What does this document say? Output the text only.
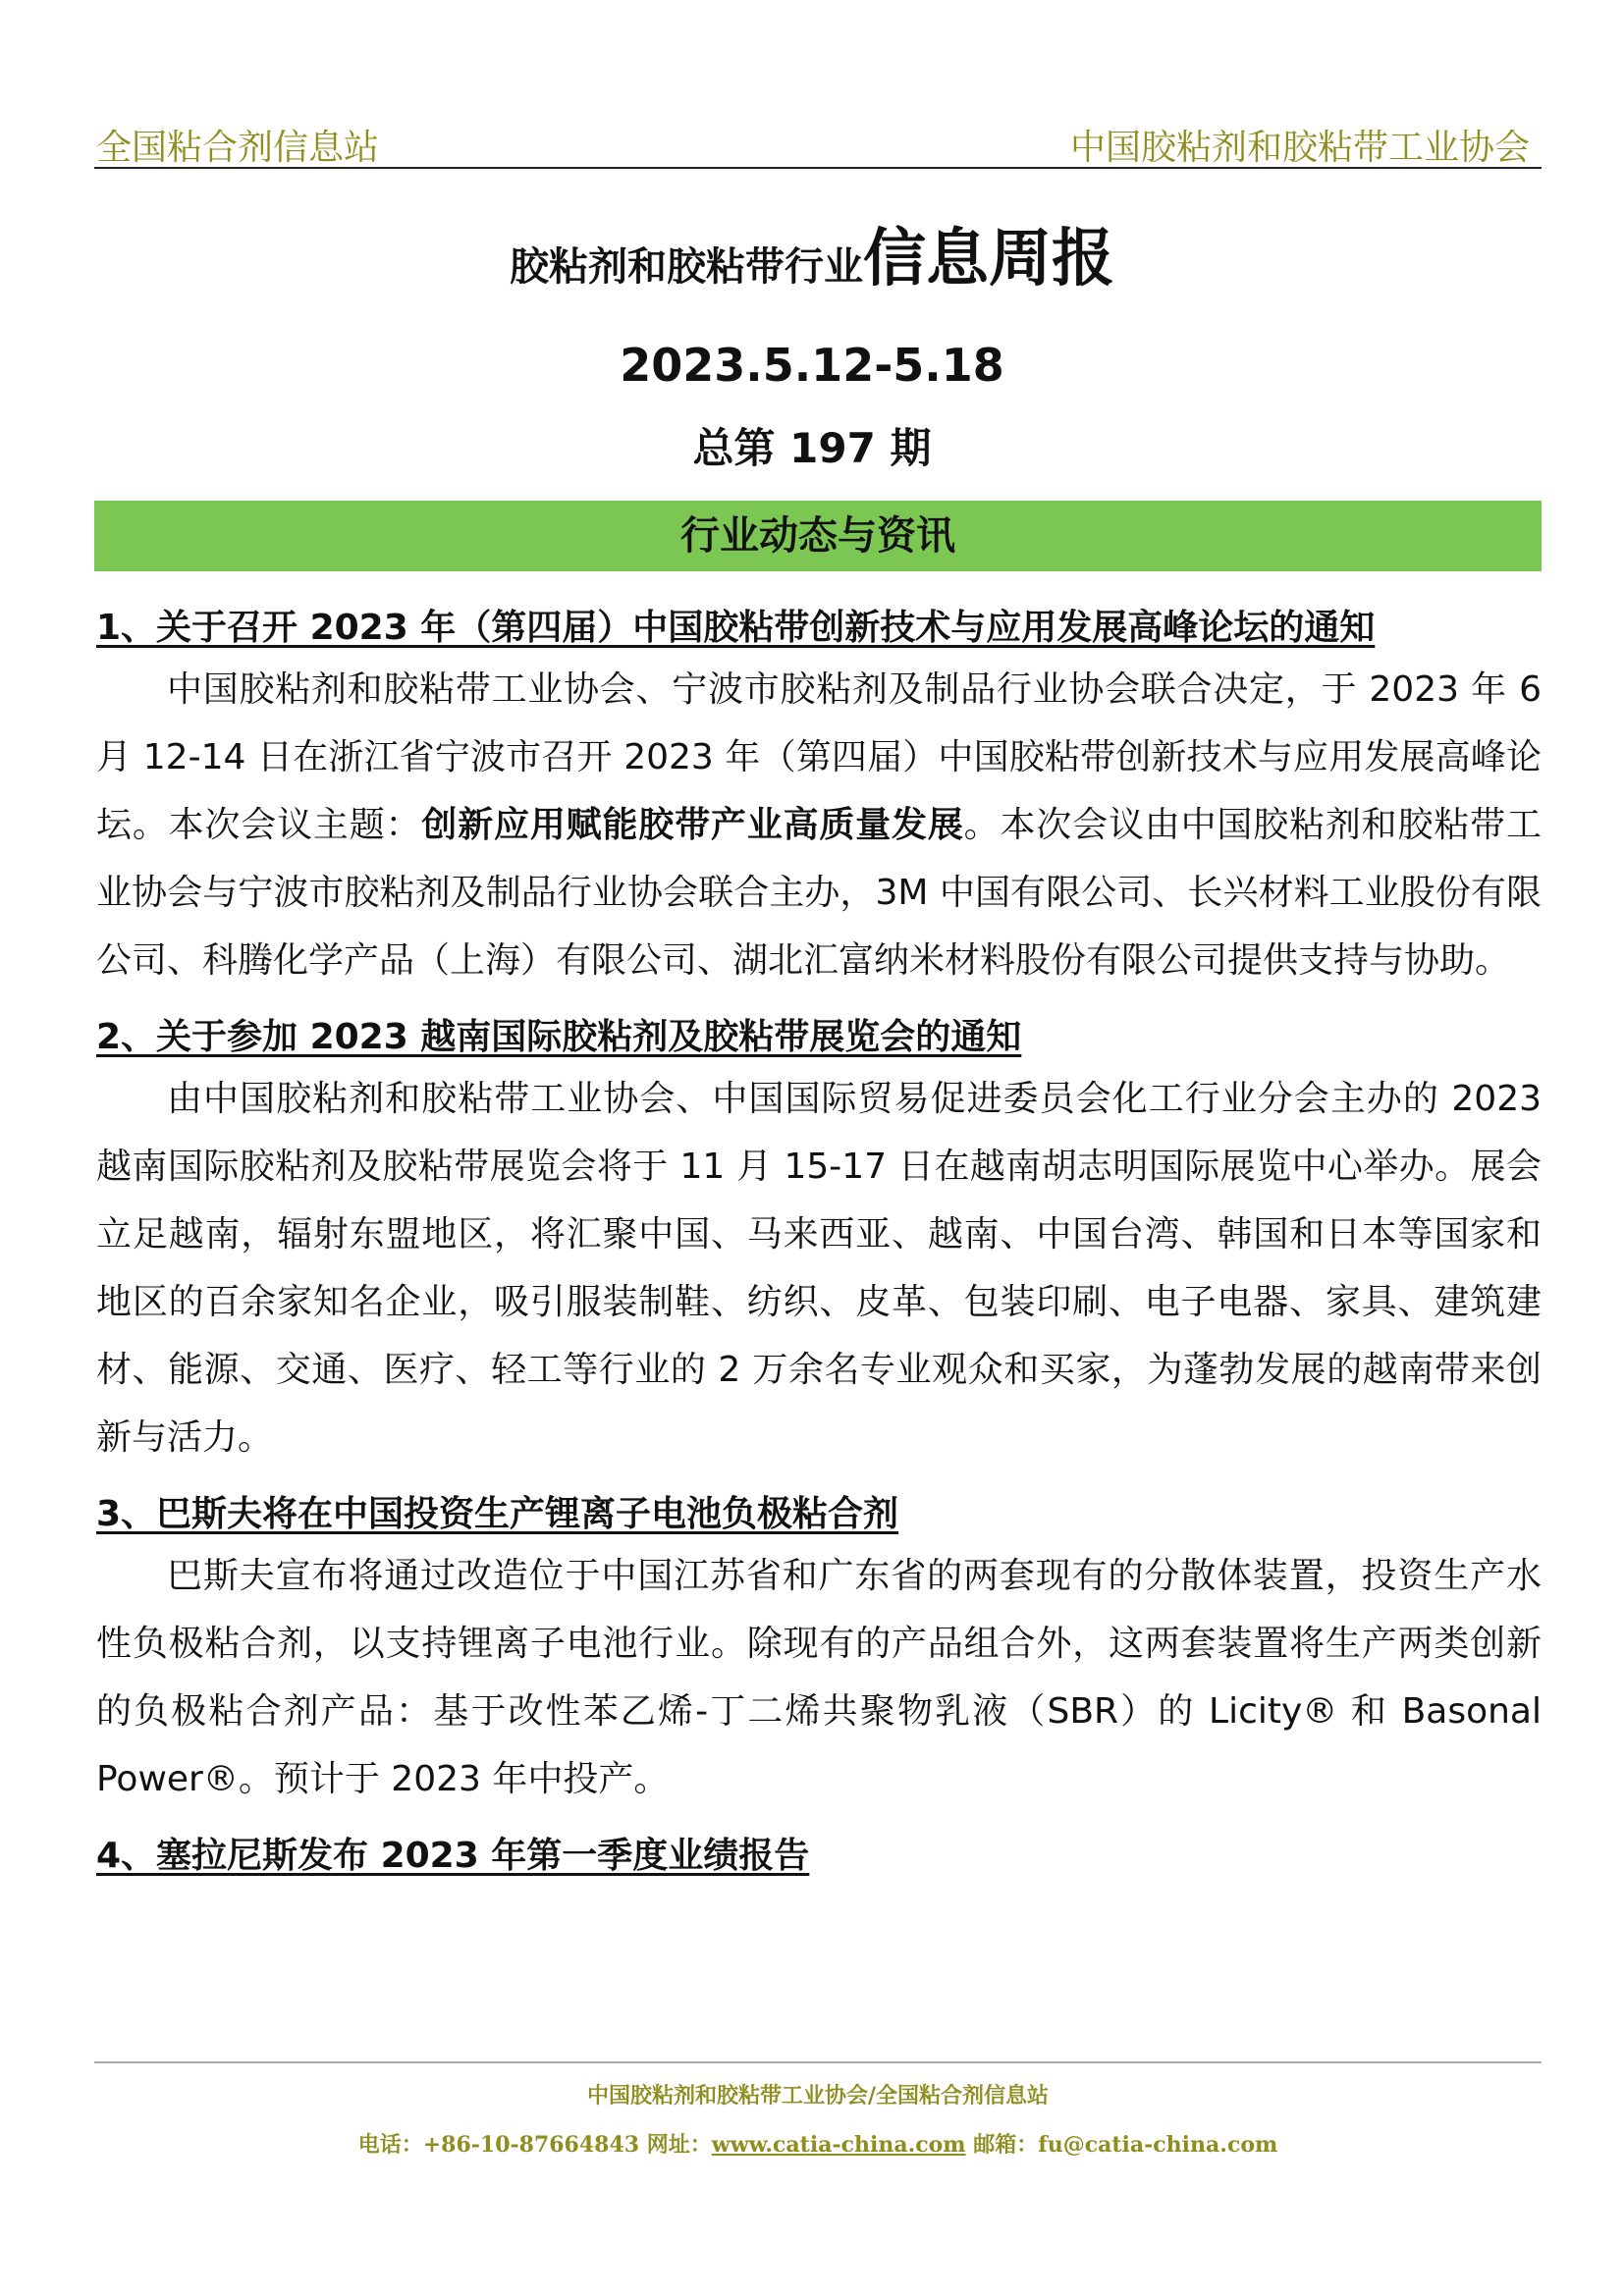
全国粘合剂信息站	中国胶粘剂和胶粘带工业协会
胶粘剂和胶粘带行业信息周报
2023.5.12-5.18
总第 197 期
行业动态与资讯

1、关于召开 2023 年（第四届）中国胶粘带创新技术与应用发展高峰论坛的通知

中国胶粘剂和胶粘带工业协会、宁波市胶粘剂及制品行业协会联合决定，于 2023 年 6 月 12-14 日在浙江省宁波市召开 2023 年（第四届）中国胶粘带创新技术与应用发展高峰论坛。本次会议主题：创新应用赋能胶带产业高质量发展。本次会议由中国胶粘剂和胶粘带工业协会与宁波市胶粘剂及制品行业协会联合主办，3M 中国有限公司、长兴材料工业股份有限公司、科腾化学产品（上海）有限公司、湖北汇富纳米材料股份有限公司提供支持与协助。

2、关于参加 2023 越南国际胶粘剂及胶粘带展览会的通知

由中国胶粘剂和胶粘带工业协会、中国国际贸易促进委员会化工行业分会主办的 2023 越南国际胶粘剂及胶粘带展览会将于 11 月 15-17 日在越南胡志明国际展览中心举办。展会立足越南，辐射东盟地区，将汇聚中国、马来西亚、越南、中国台湾、韩国和日本等国家和地区的百余家知名企业，吸引服装制鞋、纺织、皮革、包装印刷、电子电器、家具、建筑建材、能源、交通、医疗、轻工等行业的 2 万余名专业观众和买家，为蓬勃发展的越南带来创新与活力。

3、巴斯夫将在中国投资生产锂离子电池负极粘合剂

巴斯夫宣布将通过改造位于中国江苏省和广东省的两套现有的分散体装置，投资生产水性负极粘合剂，以支持锂离子电池行业。除现有的产品组合外，这两套装置将生产两类创新的负极粘合剂产品：基于改性苯乙烯-丁二烯共聚物乳液（SBR）的 Licity® 和 Basonal Power®。预计于 2023 年中投产。

4、塞拉尼斯发布 2023 年第一季度业绩报告

中国胶粘剂和胶粘带工业协会/全国粘合剂信息站
电话：+86-10-87664843 网址：www.catia-china.com 邮箱：fu@catia-china.com
